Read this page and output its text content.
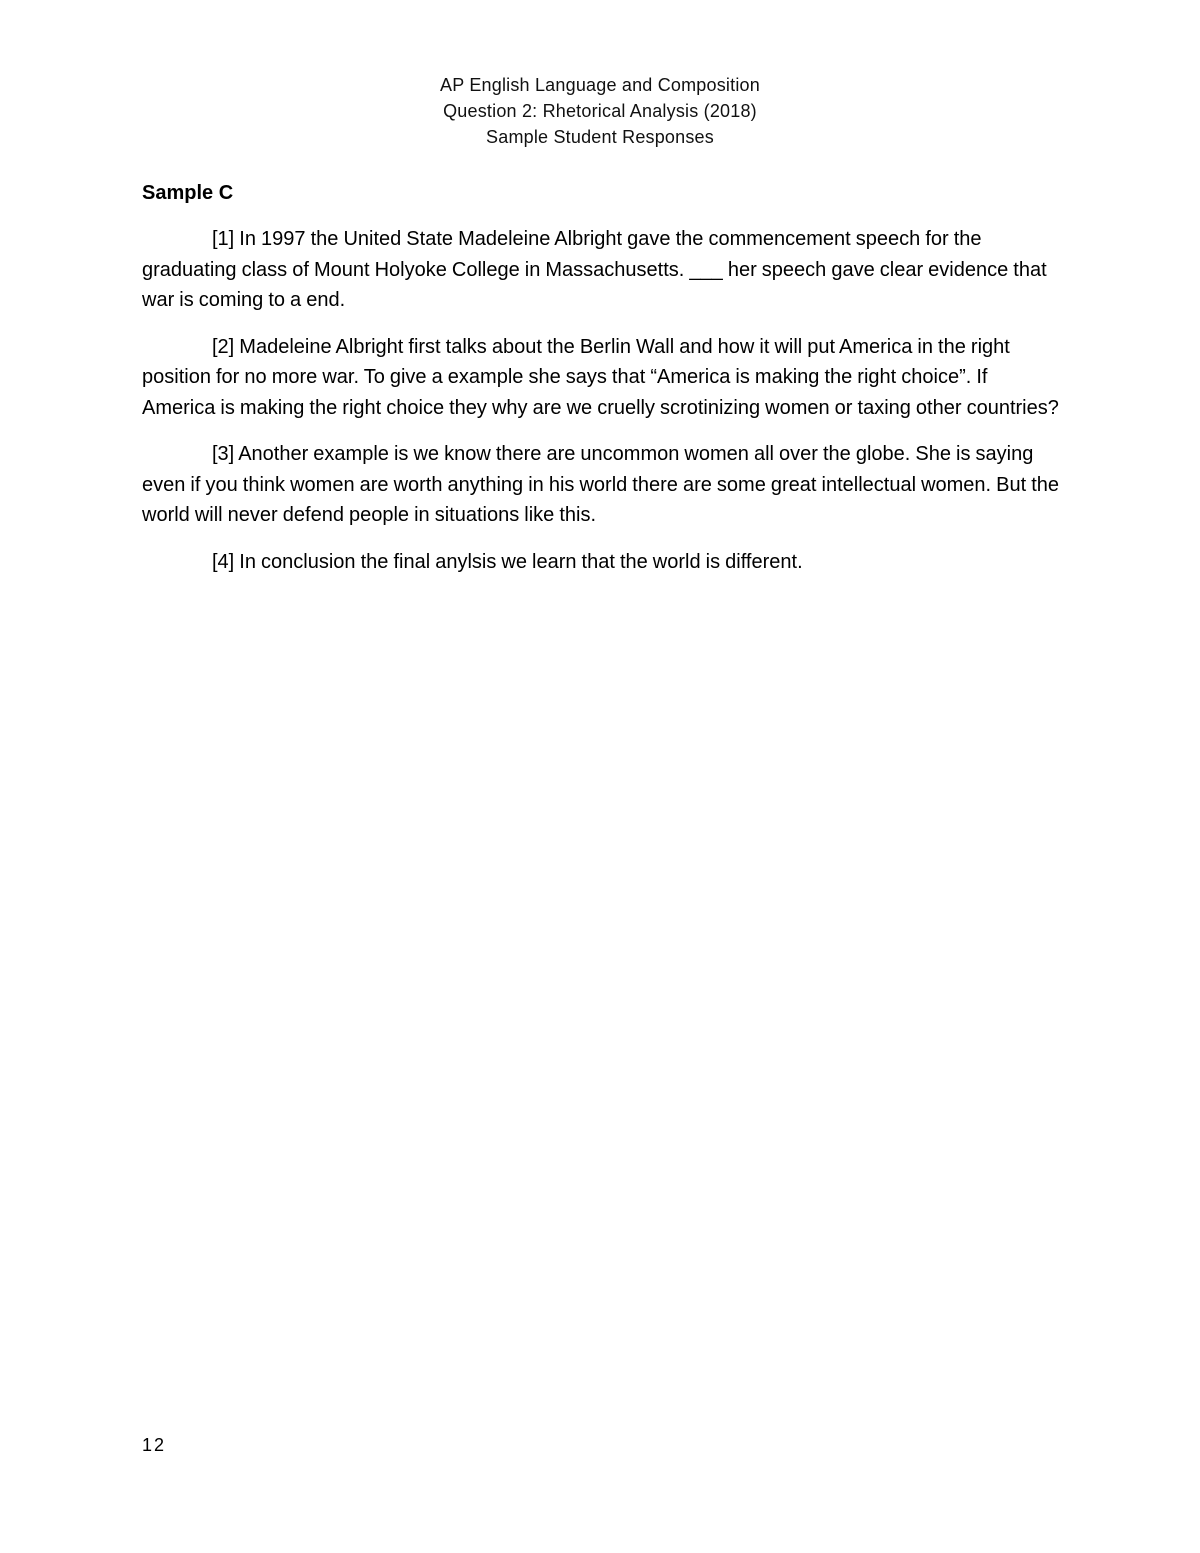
AP English Language and Composition
Question 2: Rhetorical Analysis (2018)
Sample Student Responses
Sample C

[1] In 1997 the United State Madeleine Albright gave the commencement speech for the graduating class of Mount Holyoke College in Massachusetts. ___ her speech gave clear evidence that war is coming to a end.

[2] Madeleine Albright first talks about the Berlin Wall and how it will put America in the right position for no more war. To give a example she says that “America is making the right choice”. If America is making the right choice they why are we cruelly scrotinizing women or taxing other countries?

[3] Another example is we know there are uncommon women all over the globe. She is saying even if you think women are worth anything in his world there are some great intellectual women. But the world will never defend people in situations like this.

[4] In conclusion the final anylsis we learn that the world is different.

12
